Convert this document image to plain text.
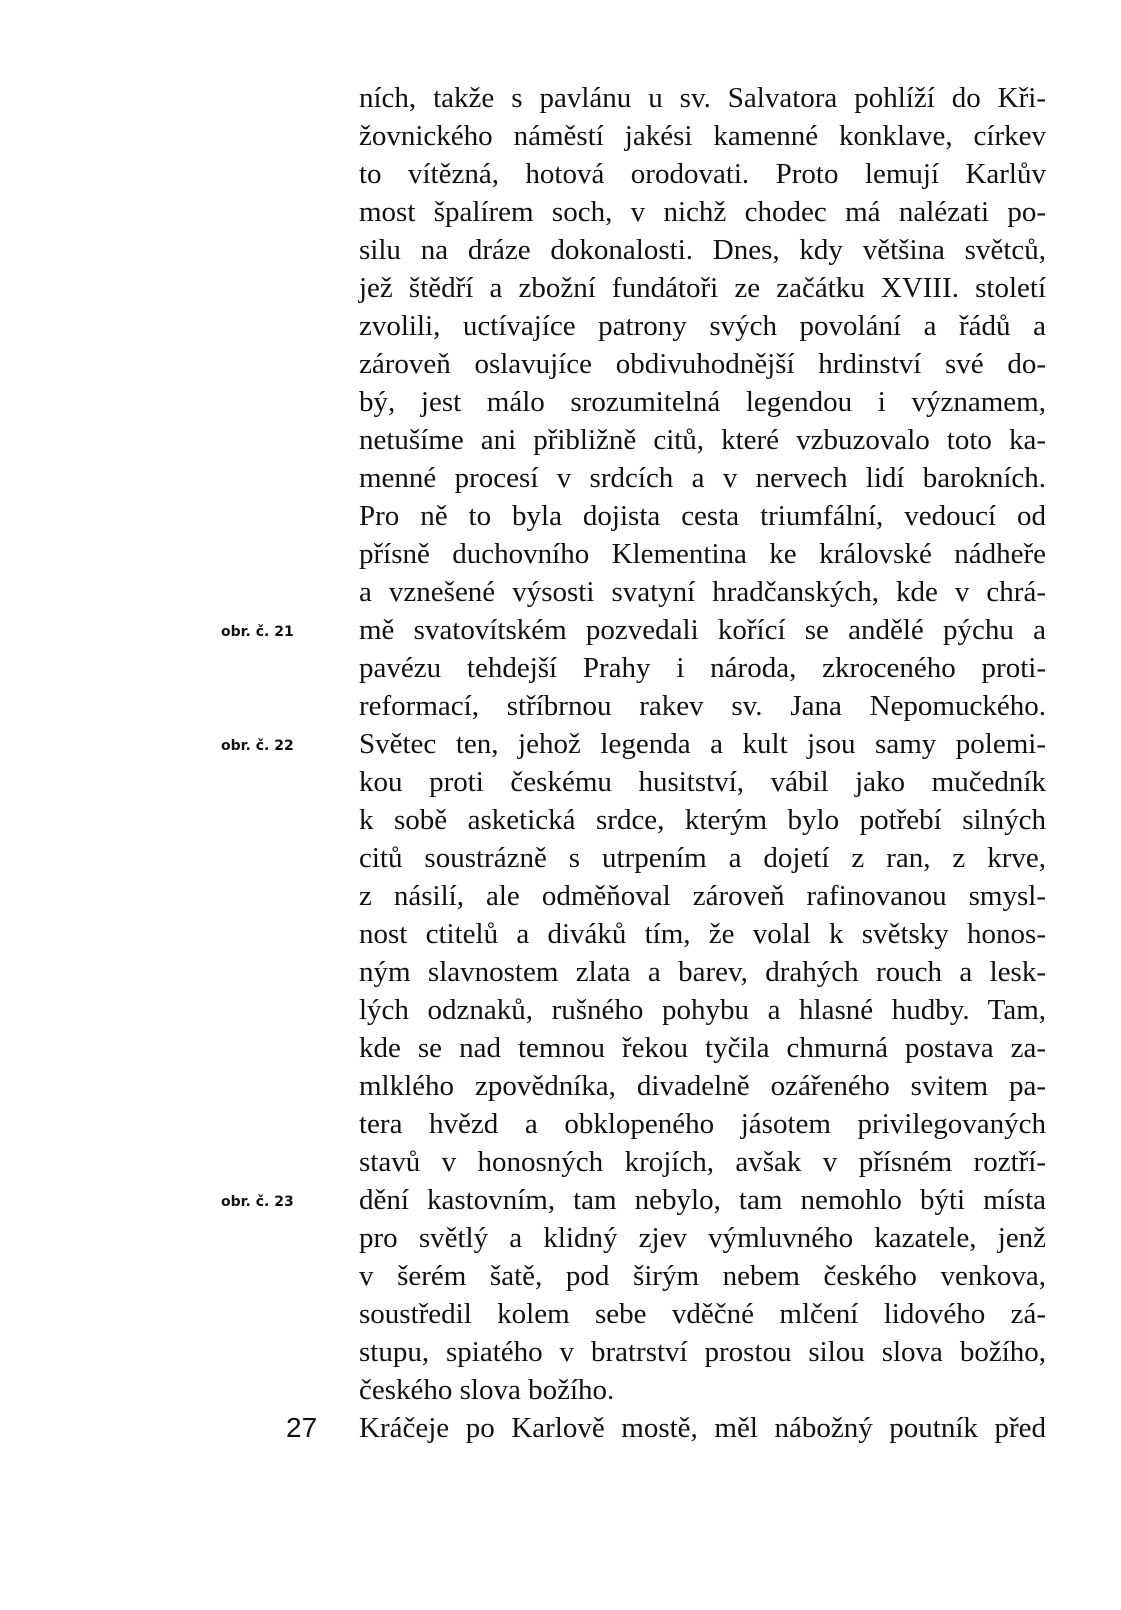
ních, takže s pavlánu u sv. Salvatora pohlíží do Kři-
žovnického náměstí jakési kamenné konklave, církev
to vítězná, hotová orodovati. Proto lemují Karlův
most špalírem soch, v nichž chodec má nalézati po-
silu na dráze dokonalosti. Dnes, kdy většina světců,
jež štědří a zbožní fundátoři ze začátku XVIII. století
zvolili, uctívajíce patrony svých povolání a řádů a
zároveň oslavujíce obdivuhodnější hrdinství své do-
bý, jest málo srozumitelná legendou i významem,
netušíme ani přibližně citů, které vzbuzovalo toto ka-
menné procesí v srdcích a v nervech lidí barokních.
Pro ně to byla dojista cesta triumfální, vedoucí od
přísně duchovního Klementina ke královské nádheře
a vznešené výsosti svatyní hradčanských, kde v chrá-
mě svatovítském pozvedali kořící se andělé pýchu a
pavézu tehdejší Prahy i národa, zkroceného proti-
reformací, stříbrnou rakev sv. Jana Nepomuckého.
Světec ten, jehož legenda a kult jsou samy polemi-
kou proti českému husitství, vábil jako mučedník
k sobě asketická srdce, kterým bylo potřebí silných
citů soustrázně s utrpením a dojetí z ran, z krve,
z násilí, ale odměňoval zároveň rafinovanou smysl-
nost ctitelů a diváků tím, že volal k světsky honos-
ným slavnostem zlata a barev, drahých rouch a lesk-
lých odznaků, rušného pohybu a hlasné hudby. Tam,
kde se nad temnou řekou tyčila chmurná postava za-
mlklého zpovědníka, divadelně ozářeného svitem pa-
tera hvězd a obklopeného jásotem privilegovaných
stavů v honosných krojích, avšak v přísném roztří-
dění kastovním, tam nebylo, tam nemohlo býti místa
pro světlý a klidný zjev výmluvného kazatele, jenž
v šerém šatě, pod širým nebem českého venkova,
soustředil kolem sebe vděčné mlčení lidového zá-
stupu, spiatého v bratrství prostou silou slova božího,
českého slova božího.
Kráčeje po Karlově mostě, měl nábožný poutník před
obr. č. 21
obr. č. 22
obr. č. 23
27
